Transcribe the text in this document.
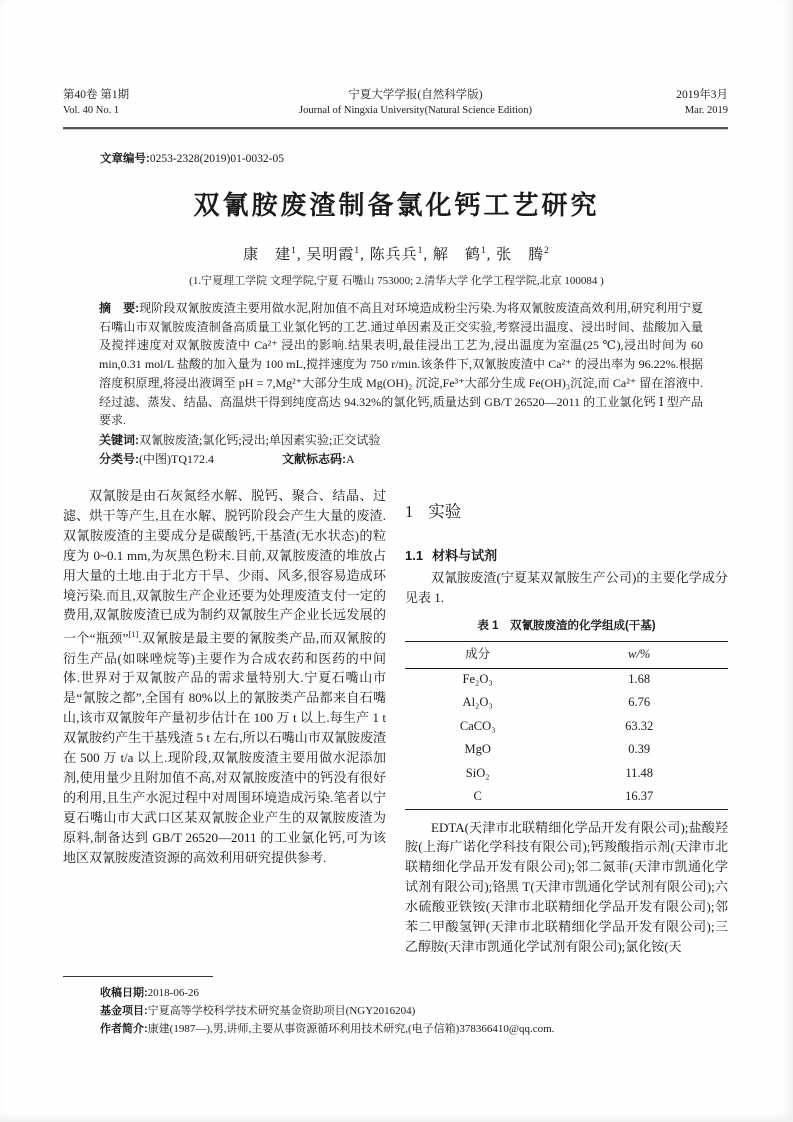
第40卷 第1期
Vol. 40 No. 1
宁夏大学学报(自然科学版)
Journal of Ningxia University(Natural Science Edition)
2019年3月
Mar. 2019
文章编号:0253-2328(2019)01-0032-05
双氰胺废渣制备氯化钙工艺研究
康　建$^1$, 吴明霞$^1$, 陈兵兵$^1$, 解　鹤$^1$, 张　腾$^2$
(1.宁夏理工学院 文理学院,宁夏 石嘴山 753000; 2.清华大学 化学工程学院,北京 100084 )
摘　要:现阶段双氰胺废渣主要用做水泥,附加值不高且对环境造成粉尘污染.为将双氰胺废渣高效利用,研究利用宁夏石嘴山市双氰胺废渣制备高质量工业氯化钙的工艺.通过单因素及正交实验,考察浸出温度、浸出时间、盐酸加入量及搅拌速度对双氰胺废渣中 Ca²⁺ 浸出的影响.结果表明,最佳浸出工艺为,浸出温度为室温(25 ℃),浸出时间为 60 min,0.31 mol/L 盐酸的加入量为 100 mL,搅拌速度为 750 r/min.该条件下,双氰胺废渣中 Ca²⁺ 的浸出率为 96.22%.根据溶度积原理,将浸出液调至 pH = 7,Mg²⁺大部分生成 Mg(OH)₂ 沉淀,Fe³⁺大部分生成 Fe(OH)₃沉淀,而 Ca²⁺ 留在溶液中.经过滤、蒸发、结晶、高温烘干得到纯度高达 94.32%的氯化钙,质量达到 GB/T 26520—2011 的工业氯化钙 Ⅰ 型产品要求.
关键词:双氰胺废渣;氯化钙;浸出;单因素实验;正交试验
分类号:(中图)TQ172.4	文献标志码:A

双氰胺是由石灰氮经水解、脱钙、聚合、结晶、过滤、烘干等产生,且在水解、脱钙阶段会产生大量的废渣.双氰胺废渣的主要成分是碳酸钙,干基渣(无水状态)的粒度为 0~0.1 mm,为灰黑色粉末.目前,双氰胺废渣的堆放占用大量的土地.由于北方干旱、少雨、风多,很容易造成环境污染.而且,双氰胺生产企业还要为处理废渣支付一定的费用,双氰胺废渣已成为制约双氰胺生产企业长远发展的一个“瓶颈”[1].双氰胺是最主要的氰胺类产品,而双氰胺的衍生产品(如咪唑烷等)主要作为合成农药和医药的中间体.世界对于双氰胺产品的需求量特别大.宁夏石嘴山市是“氰胺之都”,全国有 80%以上的氰胺类产品都来自石嘴山,该市双氰胺年产量初步估计在 100 万 t 以上.每生产 1 t 双氰胺约产生干基残渣 5 t 左右,所以石嘴山市双氰胺废渣在 500 万 t/a 以上.现阶段,双氰胺废渣主要用做水泥添加剂,使用量少且附加值不高,对双氰胺废渣中的钙没有很好的利用,且生产水泥过程中对周围环境造成污染.笔者以宁夏石嘴山市大武口区某双氰胺企业产生的双氰胺废渣为原料,制备达到 GB/T 26520—2011 的工业氯化钙,可为该地区双氰胺废渣资源的高效利用研究提供参考.

1 实验
1.1 材料与试剂

双氰胺废渣(宁夏某双氰胺生产公司)的主要化学成分见表 1.

表 1　双氰胺废渣的化学组成(干基)
成分	w/%
Fe₂O₃	1.68
Al₂O₃	6.76
CaCO₃	63.32
MgO	0.39
SiO₂	11.48
C	16.37

EDTA(天津市北联精细化学品开发有限公司);盐酸羟胺(上海广诺化学科技有限公司);钙羧酸指示剂(天津市北联精细化学品开发有限公司);邻二氮菲(天津市凯通化学试剂有限公司);铬黑 T(天津市凯通化学试剂有限公司);六水硫酸亚铁铵(天津市北联精细化学品开发有限公司);邻苯二甲酸氢钾(天津市北联精细化学品开发有限公司);三乙醇胺(天津市凯通化学试剂有限公司);氯化铵(天

收稿日期:2018-06-26
基金项目:宁夏高等学校科学技术研究基金资助项目(NGY2016204)
作者简介:康建(1987—),男,讲师,主要从事资源循环利用技术研究,(电子信箱)378366410@qq.com.
